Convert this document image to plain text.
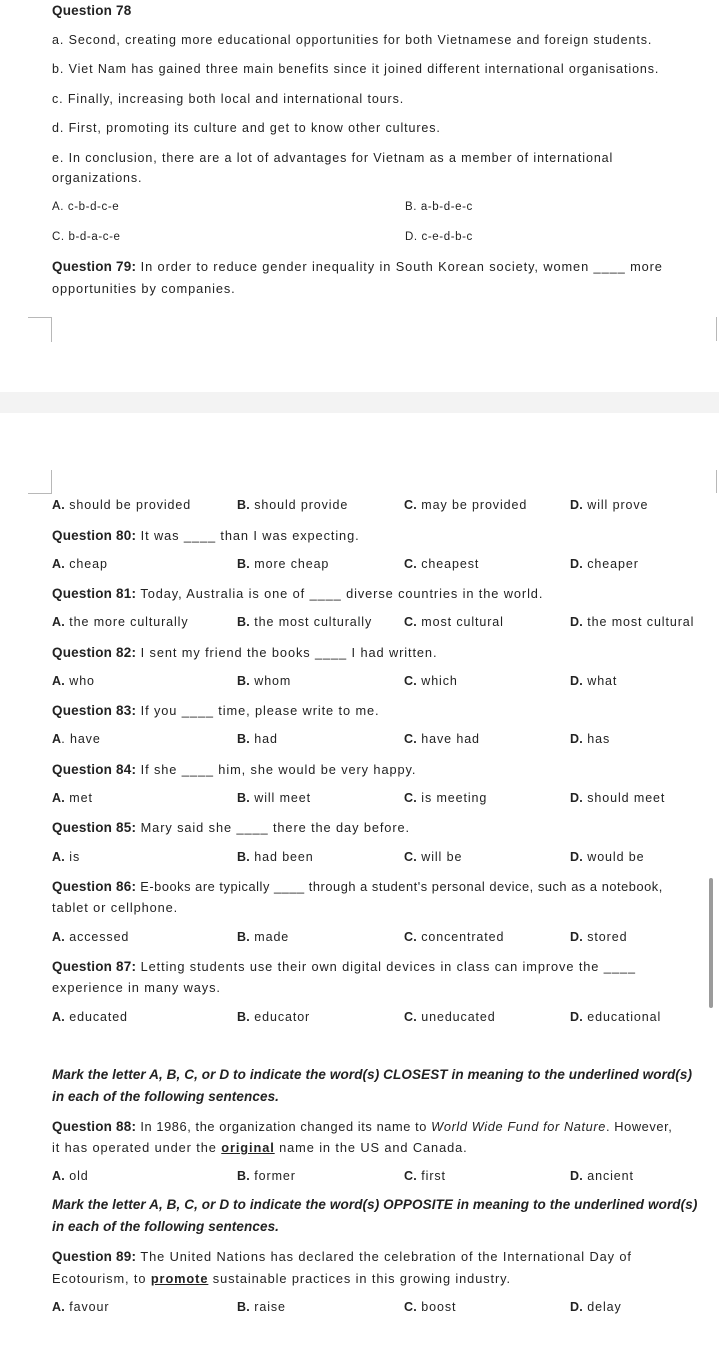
Question 78
a. Second, creating more educational opportunities for both Vietnamese and foreign students.
b. Viet Nam has gained three main benefits since it joined different international organisations.
c. Finally, increasing both local and international tours.
d. First, promoting its culture and get to know other cultures.
e. In conclusion, there are a lot of advantages for Vietnam as a member of international
organizations.
A. c-b-d-c-e	B. a-b-d-e-c
C. b-d-a-c-e	D. c-e-d-b-c
Question 79: In order to reduce gender inequality in South Korean society, women ____ more
opportunities by companies.
A. should be provided	B. should provide	C. may be provided	D. will prove
Question 80: It was ____ than I was expecting.
A. cheap	B. more cheap	C. cheapest	D. cheaper
Question 81: Today, Australia is one of ____ diverse countries in the world.
A. the more culturally	B. the most culturally	C. most cultural	D. the most cultural
Question 82: I sent my friend the books ____ I had written.
A. who	B. whom	C. which	D. what
Question 83: If you ____ time, please write to me.
A. have	B. had	C. have had	D. has
Question 84: If she ____ him, she would be very happy.
A. met	B. will meet	C. is meeting	D. should meet
Question 85: Mary said she ____ there the day before.
A. is	B. had been	C. will be	D. would be
Question 86: E-books are typically ____ through a student's personal device, such as a notebook,
tablet or cellphone.
A. accessed	B. made	C. concentrated	D. stored
Question 87: Letting students use their own digital devices in class can improve the ____
experience in many ways.
A. educated	B. educator	C. uneducated	D. educational
Mark the letter A, B, C, or D to indicate the word(s) CLOSEST in meaning to the underlined word(s)
in each of the following sentences.
Question 88: In 1986, the organization changed its name to World Wide Fund for Nature. However,
it has operated under the original name in the US and Canada.
A. old	B. former	C. first	D. ancient
Mark the letter A, B, C, or D to indicate the word(s) OPPOSITE in meaning to the underlined word(s)
in each of the following sentences.
Question 89: The United Nations has declared the celebration of the International Day of
Ecotourism, to promote sustainable practices in this growing industry.
A. favour	B. raise	C. boost	D. delay
